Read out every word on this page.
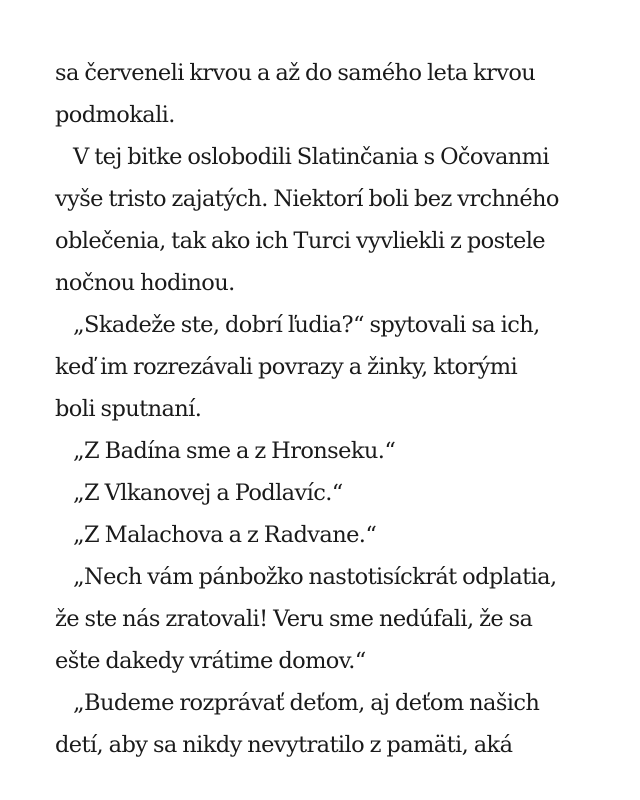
sa červeneli krvou a až do samého leta krvou
podmokali.
V tej bitke oslobodili Slatinčania s Očovanmi
vyše tristo zajatých. Niektorí boli bez vrchného
oblečenia, tak ako ich Turci vyvliekli z postele
nočnou hodinou.
„Skadeže ste, dobrí ľudia?“ spytovali sa ich,
keď im rozrezávali povrazy a žinky, ktorými
boli sputnaní.
„Z Badína sme a z Hronseku.“
„Z Vlkanovej a Podlavíc.“
„Z Malachova a z Radvane.“
„Nech vám pánbožko nastotisíckrát odplatia,
že ste nás zratovali! Veru sme nedúfali, že sa
ešte dakedy vrátime domov.“
„Budeme rozprávať deťom, aj deťom našich
detí, aby sa nikdy nevytratilo z pamäti, aká
